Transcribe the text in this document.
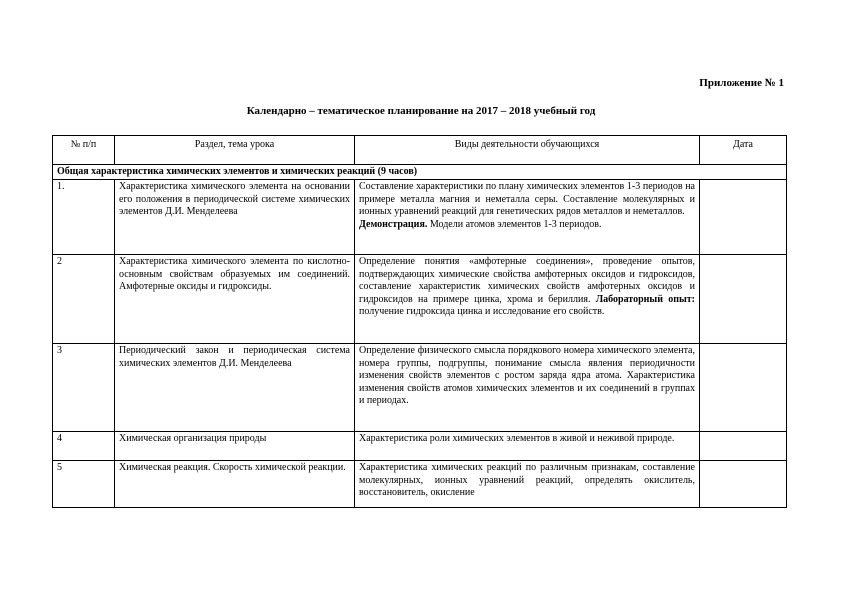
Приложение № 1
Календарно – тематическое планирование на 2017 – 2018 учебный год
№ п/п	Раздел, тема урока	Виды деятельности обучающихся	Дата
Общая характеристика химических элементов и химических реакций (9 часов)			
1.	Характеристика химического элемента на основании его положения в периодической системе химических элементов Д.И. Менделеева	Составление характеристики по плану химических элементов 1-3 периодов на примере металла магния и неметалла серы. Составление молекулярных и ионных уравнений реакций для генетических рядов металлов и неметаллов.
Демонстрация. Модели атомов элементов 1-3 периодов.	
2	Характеристика химического элемента по кислотно-основным свойствам образуемых им соединений. Амфотерные оксиды и гидроксиды.	Определение понятия «амфотерные соединения», проведение опытов, подтверждающих химические свойства амфотерных оксидов и гидроксидов, составление характеристик химических свойств амфотерных оксидов и гидроксидов на примере цинка, хрома и бериллия. Лабораторный опыт: получение гидроксида цинка и исследование его свойств.	
3	Периодический закон и периодическая система химических элементов Д.И. Менделеева	Определение физического смысла порядкового номера химического элемента, номера группы, подгруппы, понимание смысла явления периодичности изменения свойств элементов с ростом заряда ядра атома. Характеристика изменения свойств атомов химических элементов и их соединений в группах и периодах.	
4	Химическая организация природы	Характеристика роли химических элементов в живой и неживой природе.	
5	Химическая реакция. Скорость химической реакции.	Характеристика химических реакций по различным признакам, составление молекулярных, ионных уравнений реакций, определять окислитель, восстановитель, окисление	
